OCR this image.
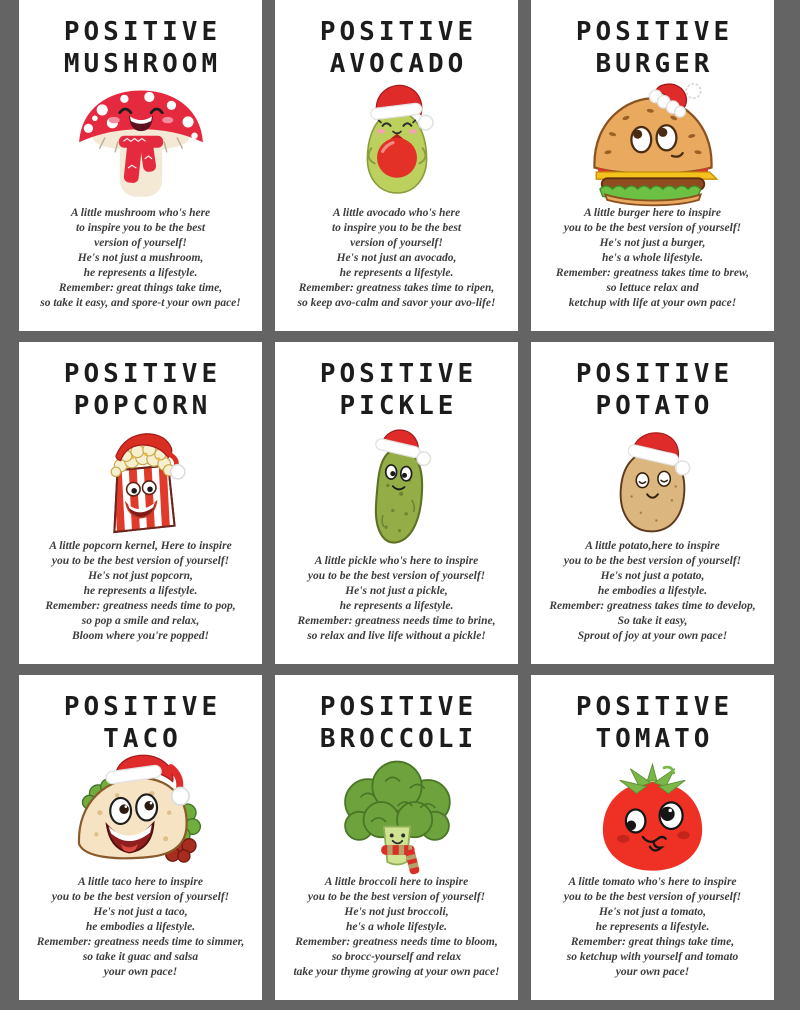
POSITIVE
MUSHROOM
A little mushroom who's here
to inspire you to be the best
version of yourself!
He's not just a mushroom,
he represents a lifestyle.
Remember: great things take time,
so take it easy, and spore-t your own pace!
POSITIVE
AVOCADO
A little avocado who's here
to inspire you to be the best
version of yourself!
He's not just an avocado,
he represents a lifestyle.
Remember: greatness takes time to ripen,
so keep avo-calm and savor your avo-life!
POSITIVE
BURGER
A little burger here to inspire
you to be the best version of yourself!
He's not just a burger,
he's a whole lifestyle.
Remember: greatness takes time to brew,
so lettuce relax and
ketchup with life at your own pace!
POSITIVE
POPCORN
A little popcorn kernel, Here to inspire
you to be the best version of yourself!
He's not just popcorn,
he represents a lifestyle.
Remember: greatness needs time to pop,
so pop a smile and relax,
Bloom where you're popped!
POSITIVE
PICKLE
A little pickle who's here to inspire
you to be the best version of yourself!
He's not just a pickle,
he represents a lifestyle.
Remember: greatness needs time to brine,
so relax and live life without a pickle!
POSITIVE
POTATO
A little potato,here to inspire
you to be the best version of yourself!
He's not just a potato,
he embodies a lifestyle.
Remember: greatness takes time to develop,
So take it easy,
Sprout of joy at your own pace!
POSITIVE
TACO
A little taco here to inspire
you to be the best version of yourself!
He's not just a taco,
he embodies a lifestyle.
Remember: greatness needs time to simmer,
so take it guac and salsa
your own pace!
POSITIVE
BROCCOLI
A little broccoli here to inspire
you to be the best version of yourself!
He's not just broccoli,
he's a whole lifestyle.
Remember: greatness needs time to bloom,
so brocc-yourself and relax
take your thyme growing at your own pace!
POSITIVE
TOMATO
A little tomato who's here to inspire
you to be the best version of yourself!
He's not just a tomato,
he represents a lifestyle.
Remember: great things take time,
so ketchup with yourself and tomato
your own pace!
